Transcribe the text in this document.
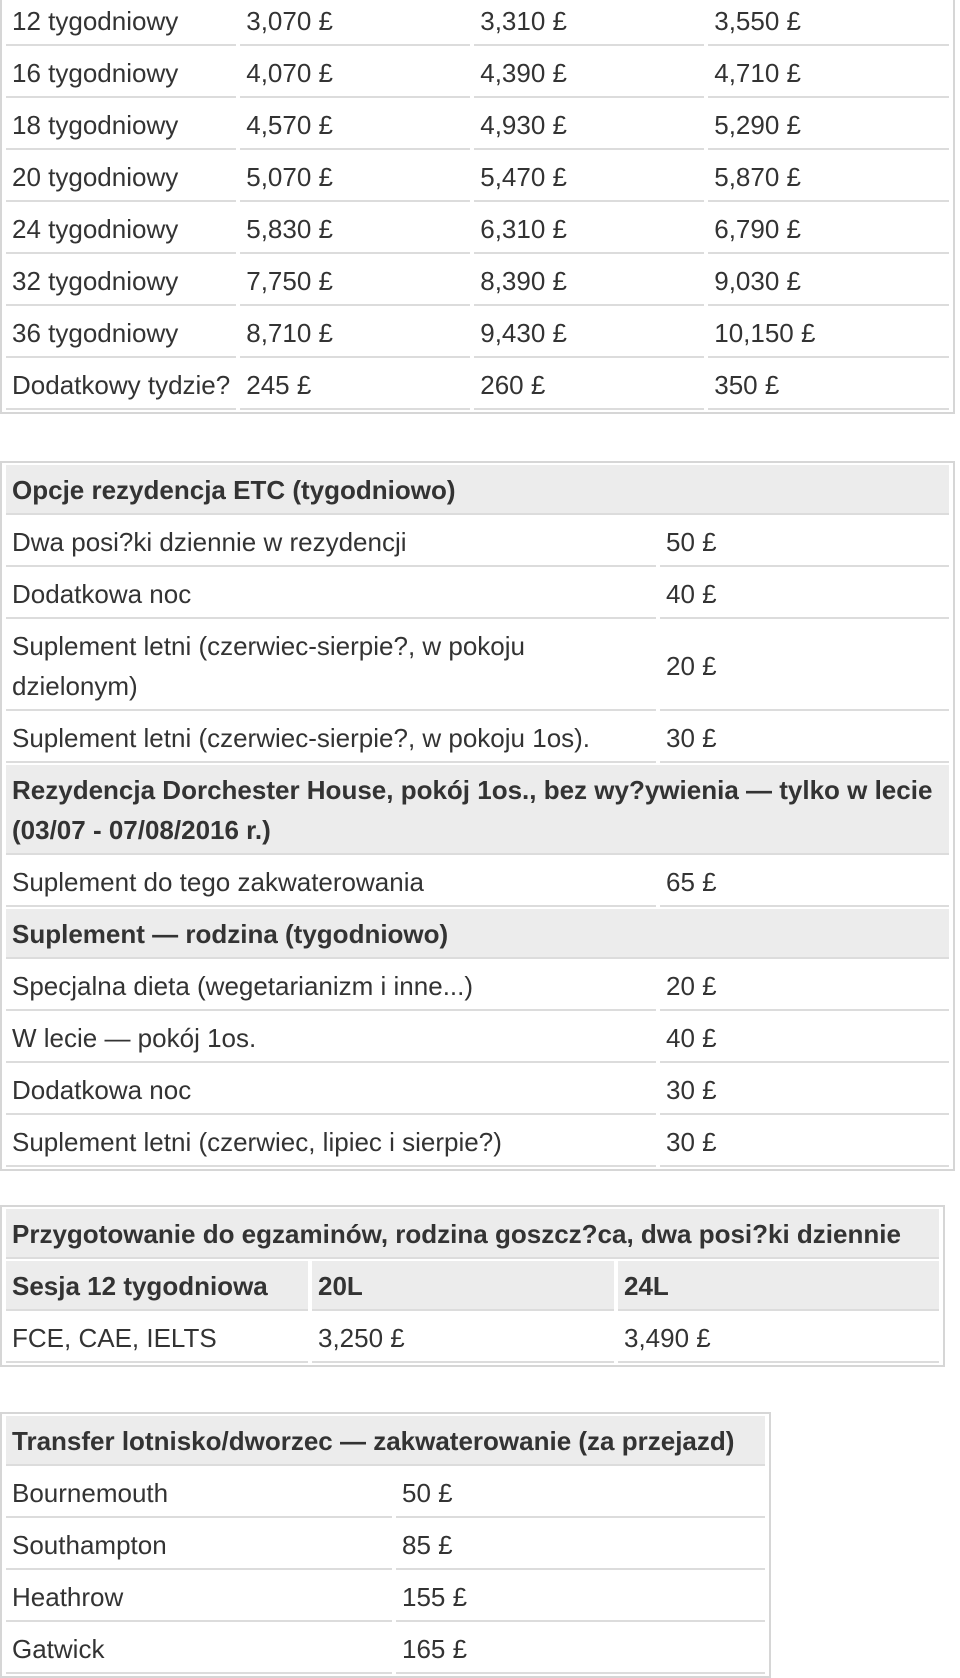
12 tygodniowy	3,070 £	3,310 £	3,550 £
16 tygodniowy	4,070 £	4,390 £	4,710 £
18 tygodniowy	4,570 £	4,930 £	5,290 £
20 tygodniowy	5,070 £	5,470 £	5,870 £
24 tygodniowy	5,830 £	6,310 £	6,790 £
32 tygodniowy	7,750 £	8,390 £	9,030 £
36 tygodniowy	8,710 £	9,430 £	10,150 £
Dodatkowy tydzie?	245 £	260 £	350 £
Opcje rezydencja ETC (tygodniowo)	
Dwa posi?ki dziennie w rezydencji	50 £
Dodatkowa noc	40 £
Suplement letni (czerwiec-sierpie?, w pokoju dzielonym)	20 £
Suplement letni (czerwiec-sierpie?, w pokoju 1os).	30 £
Rezydencja Dorchester House, pokój 1os., bez wy?ywienia — tylko w lecie (03/07 - 07/08/2016 r.)	
Suplement do tego zakwaterowania	65 £
Suplement — rodzina (tygodniowo)	
Specjalna dieta (wegetarianizm i inne...)	20 £
W lecie — pokój 1os.	40 £
Dodatkowa noc	30 £
Suplement letni (czerwiec, lipiec i sierpie?)	30 £
Przygotowanie do egzaminów, rodzina goszcz?ca, dwa posi?ki dziennie		
Sesja 12 tygodniowa	20L	24L
FCE, CAE, IELTS	3,250 £	3,490 £
Transfer lotnisko/dworzec — zakwaterowanie (za przejazd)	
Bournemouth	50 £
Southampton	85 £
Heathrow	155 £
Gatwick	165 £
